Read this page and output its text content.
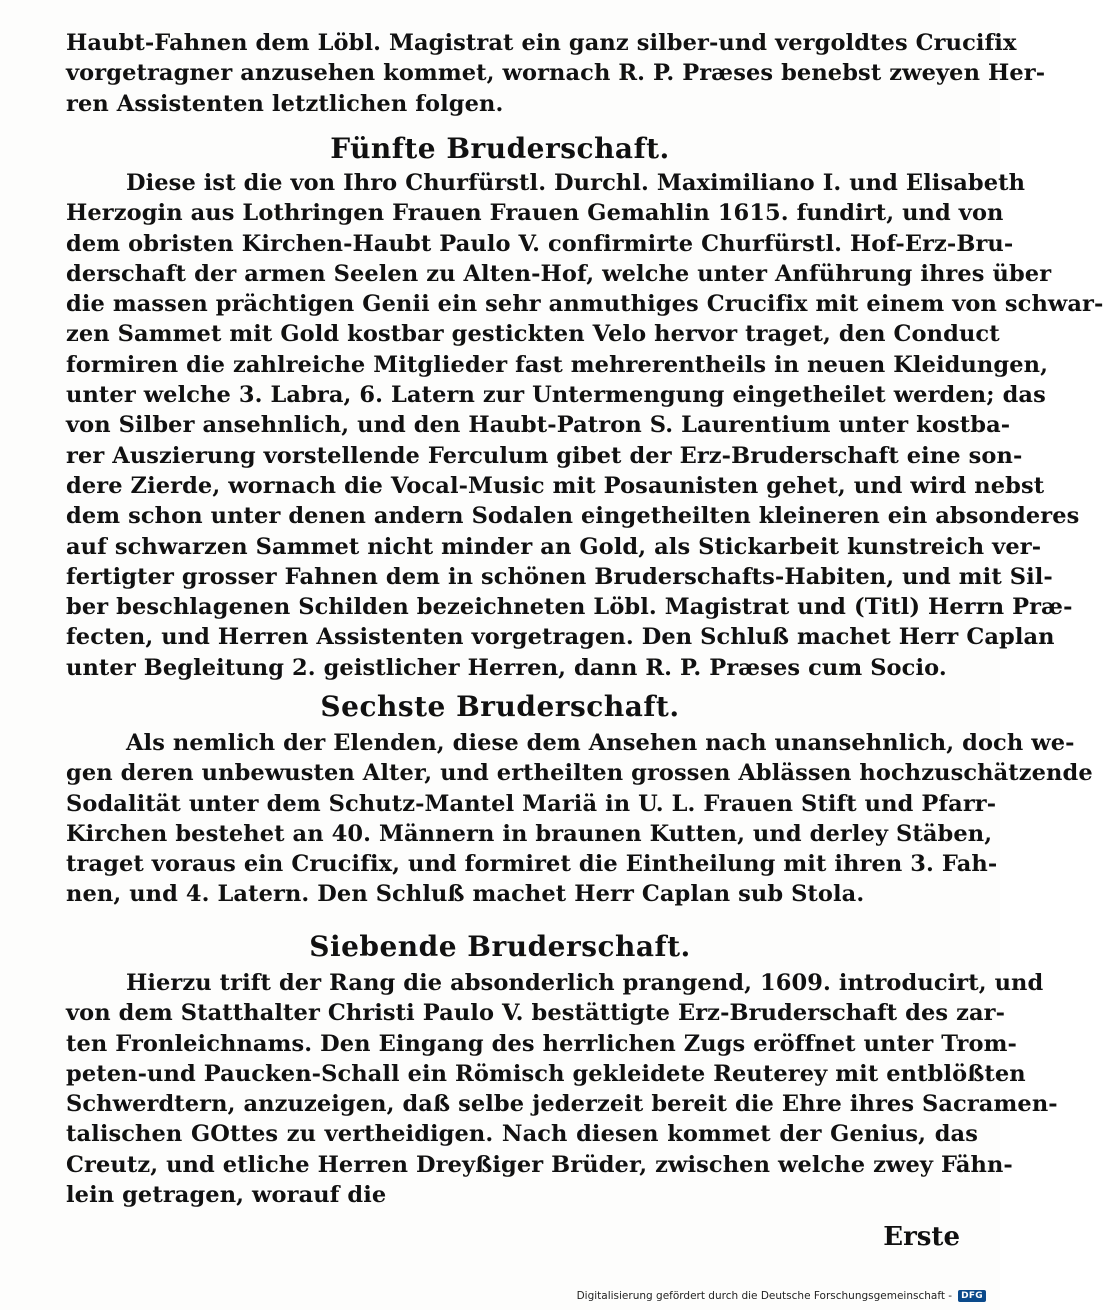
Haubt-Fahnen dem Löbl. Magistrat ein ganz silber-und vergoldtes Crucifix
vorgetragner anzusehen kommet, wornach R. P. Præses benebst zweyen Her-
ren Assistenten letztlichen folgen.
Fünfte Bruderschaft.
Diese ist die von Ihro Churfürstl. Durchl. Maximiliano I. und Elisabeth
Herzogin aus Lothringen Frauen Frauen Gemahlin 1615. fundirt, und von
dem obristen Kirchen-Haubt Paulo V. confirmirte Churfürstl. Hof-Erz-Bru-
derschaft der armen Seelen zu Alten-Hof, welche unter Anführung ihres über
die massen prächtigen Genii ein sehr anmuthiges Crucifix mit einem von schwar-
zen Sammet mit Gold kostbar gestickten Velo hervor traget, den Conduct
formiren die zahlreiche Mitglieder fast mehrerentheils in neuen Kleidungen,
unter welche 3. Labra, 6. Latern zur Untermengung eingetheilet werden; das
von Silber ansehnlich, und den Haubt-Patron S. Laurentium unter kostba-
rer Auszierung vorstellende Ferculum gibet der Erz-Bruderschaft eine son-
dere Zierde, wornach die Vocal-Music mit Posaunisten gehet, und wird nebst
dem schon unter denen andern Sodalen eingetheilten kleineren ein absonderes
auf schwarzen Sammet nicht minder an Gold, als Stickarbeit kunstreich ver-
fertigter grosser Fahnen dem in schönen Bruderschafts-Habiten, und mit Sil-
ber beschlagenen Schilden bezeichneten Löbl. Magistrat und (Titl) Herrn Præ-
fecten, und Herren Assistenten vorgetragen. Den Schluß machet Herr Caplan
unter Begleitung 2. geistlicher Herren, dann R. P. Præses cum Socio.
Sechste Bruderschaft.
Als nemlich der Elenden, diese dem Ansehen nach unansehnlich, doch we-
gen deren unbewusten Alter, und ertheilten grossen Ablässen hochzuschätzende
Sodalität unter dem Schutz-Mantel Mariä in U. L. Frauen Stift und Pfarr-
Kirchen bestehet an 40. Männern in braunen Kutten, und derley Stäben,
traget voraus ein Crucifix, und formiret die Eintheilung mit ihren 3. Fah-
nen, und 4. Latern. Den Schluß machet Herr Caplan sub Stola.
Siebende Bruderschaft.
Hierzu trift der Rang die absonderlich prangend, 1609. introducirt, und
von dem Statthalter Christi Paulo V. bestättigte Erz-Bruderschaft des zar-
ten Fronleichnams. Den Eingang des herrlichen Zugs eröffnet unter Trom-
peten-und Paucken-Schall ein Römisch gekleidete Reuterey mit entblößten
Schwerdtern, anzuzeigen, daß selbe jederzeit bereit die Ehre ihres Sacramen-
talischen GOttes zu vertheidigen. Nach diesen kommet der Genius, das
Creutz, und etliche Herren Dreyßiger Brüder, zwischen welche zwey Fähn-
lein getragen, worauf die
Erste
Digitalisierung gefördert durch die Deutsche Forschungsgemeinschaft -	DFG
